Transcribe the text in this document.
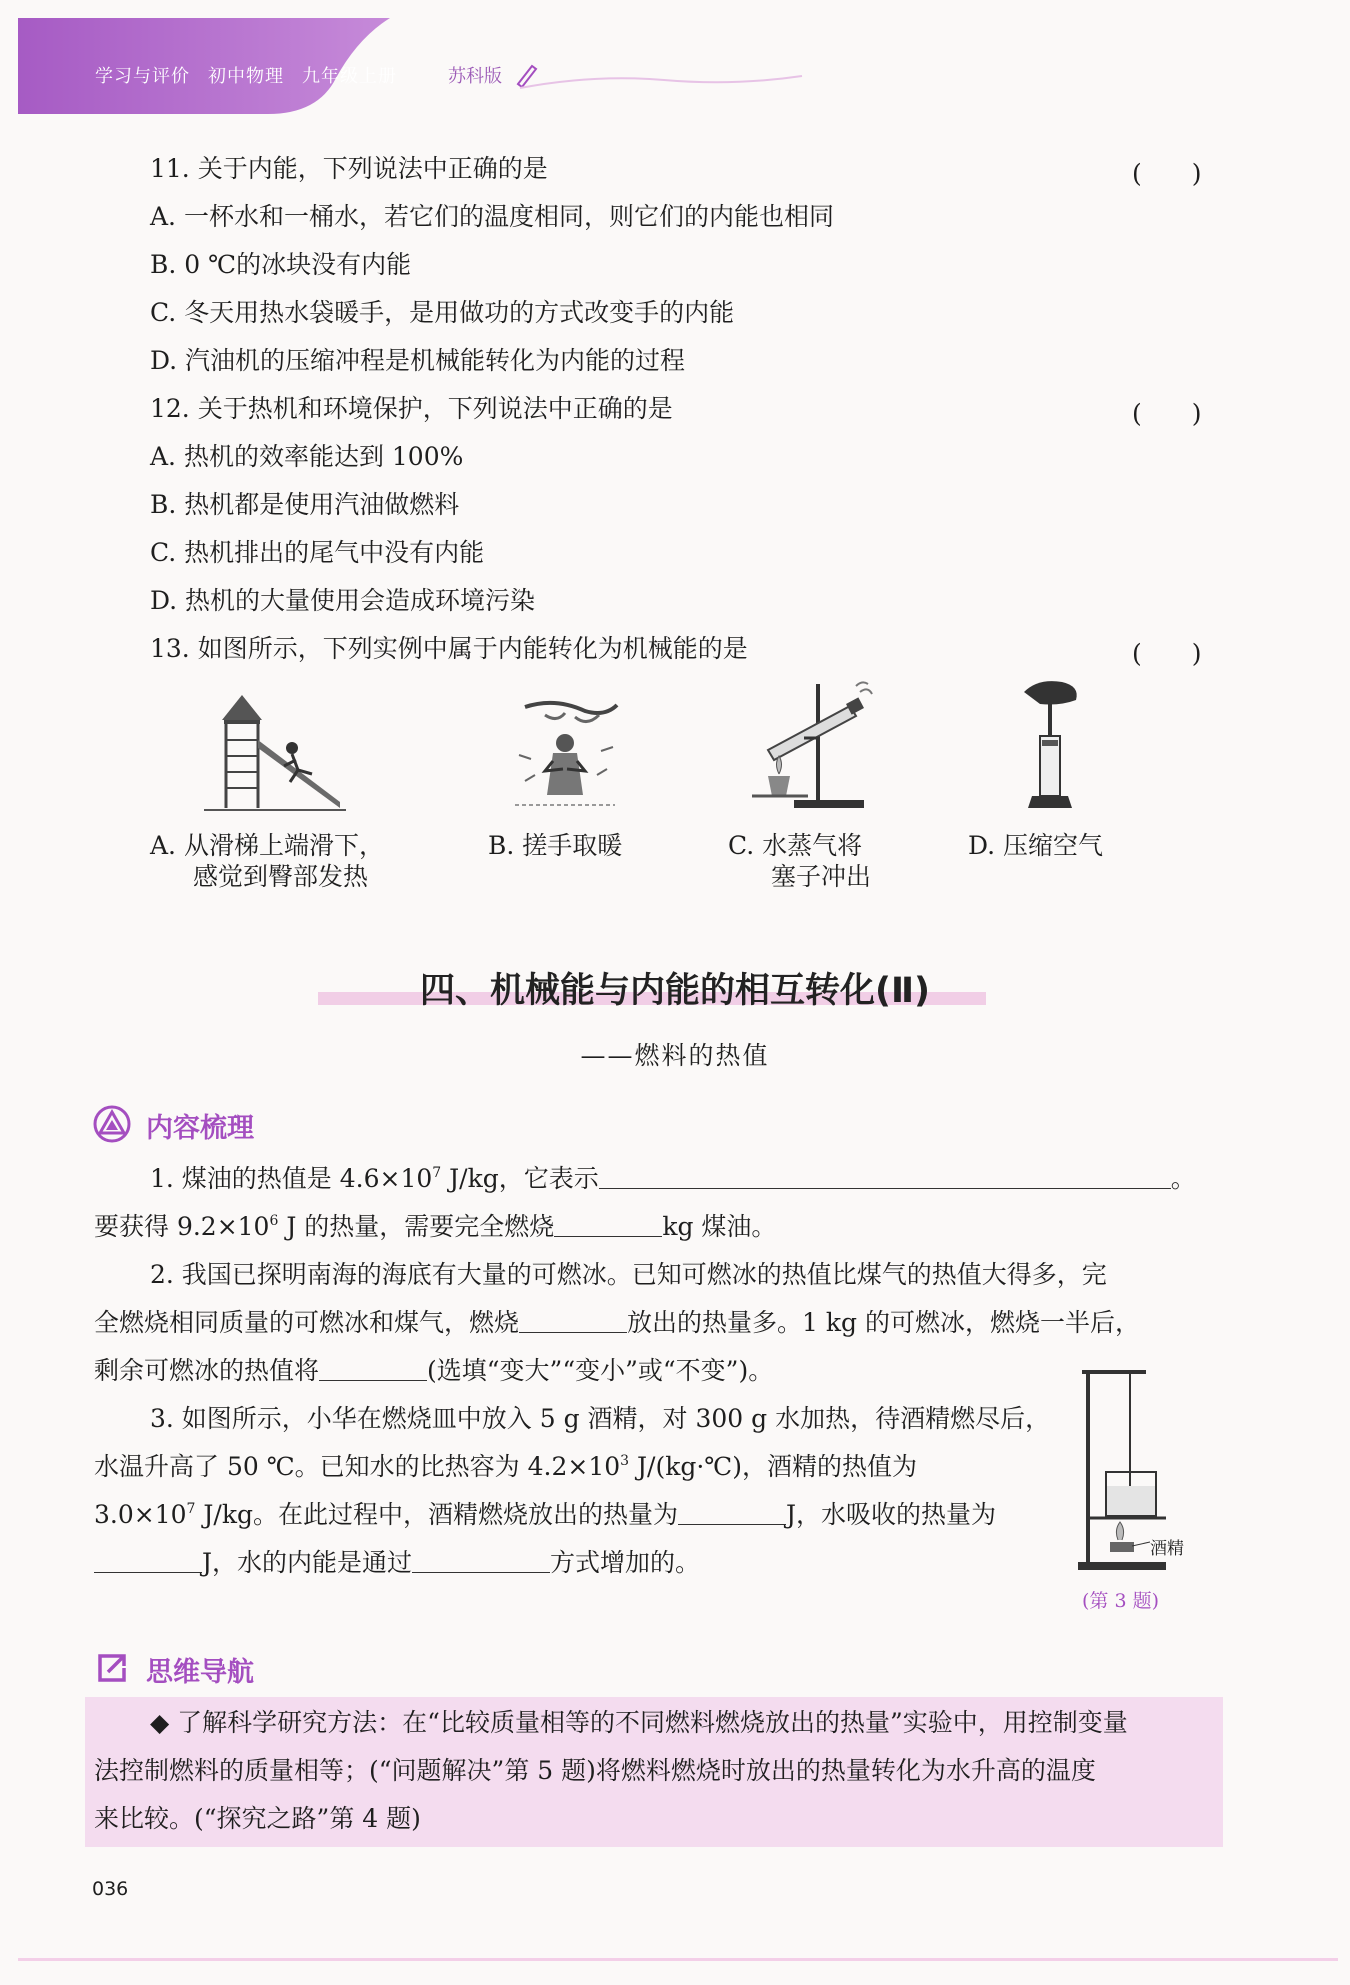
学习与评价 初中物理 九年级上册	苏科版
11. 关于内能，下列说法中正确的是	(　　)
A. 一杯水和一桶水，若它们的温度相同，则它们的内能也相同
B. 0 ℃的冰块没有内能
C. 冬天用热水袋暖手，是用做功的方式改变手的内能
D. 汽油机的压缩冲程是机械能转化为内能的过程
12. 关于热机和环境保护，下列说法中正确的是	(　　)
A. 热机的效率能达到 100%
B. 热机都是使用汽油做燃料
C. 热机排出的尾气中没有内能
D. 热机的大量使用会造成环境污染
13. 如图所示，下列实例中属于内能转化为机械能的是	(　　)
A. 从滑梯上端滑下，
感觉到臀部发热
B. 搓手取暖	C. 水蒸气将
塞子冲出
D. 压缩空气
四、机械能与内能的相互转化(Ⅱ)
——燃料的热值
内容梳理
1. 煤油的热值是 $4.6\times 10^7$ J/kg，它表示	。
要获得 $9.2\times 10^6$ J 的热量，需要完全燃烧	kg 煤油。
2. 我国已探明南海的海底有大量的可燃冰。已知可燃冰的热值比煤气的热值大得多，完
全燃烧相同质量的可燃冰和煤气，燃烧	放出的热量多。1 kg 的可燃冰，燃烧一半后，
剩余可燃冰的热值将	(选填“变大”“变小”或“不变”)。
3. 如图所示，小华在燃烧皿中放入 5 g 酒精，对 300 g 水加热，待酒精燃尽后，
水温升高了 50 ℃。已知水的比热容为 $4.2\times 10^3$ J/(kg·℃)，酒精的热值为
$3.0\times 10^7$ J/kg。在此过程中，酒精燃烧放出的热量为	J，水吸收的热量为
J，水的内能是通过	方式增加的。	酒精
(第 3 题)
思维导航
◆ 了解科学研究方法：在“比较质量相等的不同燃料燃烧放出的热量”实验中，用控制变量
法控制燃料的质量相等；(“问题解决”第 5 题)将燃料燃烧时放出的热量转化为水升高的温度
来比较。(“探究之路”第 4 题)
036
